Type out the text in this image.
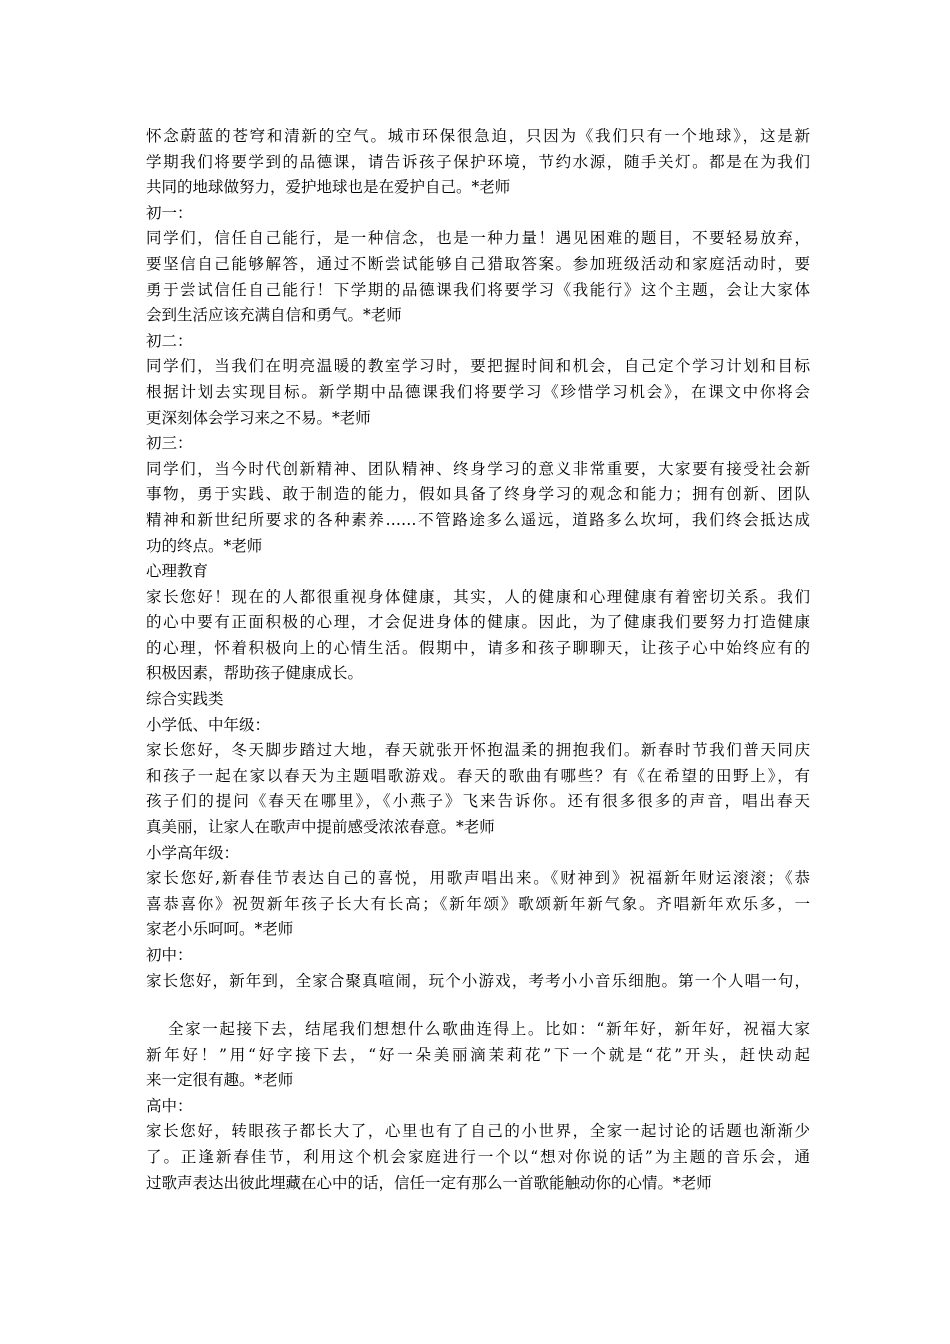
怀念蔚蓝的苍穹和清新的空气。城市环保很急迫，只因为《我们只有一个地球》，这是新
学期我们将要学到的品德课，请告诉孩子保护环境，节约水源，随手关灯。都是在为我们
共同的地球做努力，爱护地球也是在爱护自己。*老师
初一：
同学们，信任自己能行，是一种信念，也是一种力量！遇见困难的题目，不要轻易放弃，
要坚信自己能够解答，通过不断尝试能够自己猎取答案。参加班级活动和家庭活动时，要
勇于尝试信任自己能行！下学期的品德课我们将要学习《我能行》这个主题，会让大家体
会到生活应该充满自信和勇气。*老师
初二：
同学们，当我们在明亮温暖的教室学习时，要把握时间和机会，自己定个学习计划和目标
根据计划去实现目标。新学期中品德课我们将要学习《珍惜学习机会》，在课文中你将会
更深刻体会学习来之不易。*老师
初三：
同学们，当今时代创新精神、团队精神、终身学习的意义非常重要，大家要有接受社会新
事物，勇于实践、敢于制造的能力，假如具备了终身学习的观念和能力；拥有创新、团队
精神和新世纪所要求的各种素养……不管路途多么遥远，道路多么坎坷，我们终会抵达成
功的终点。*老师
心理教育
家长您好！现在的人都很重视身体健康，其实，人的健康和心理健康有着密切关系。我们
的心中要有正面积极的心理，才会促进身体的健康。因此，为了健康我们要努力打造健康
的心理，怀着积极向上的心情生活。假期中，请多和孩子聊聊天，让孩子心中始终应有的
积极因素，帮助孩子健康成长。
综合实践类
小学低、中年级：
家长您好，冬天脚步踏过大地，春天就张开怀抱温柔的拥抱我们。新春时节我们普天同庆
和孩子一起在家以春天为主题唱歌游戏。春天的歌曲有哪些？有《在希望的田野上》，有
孩子们的提问《春天在哪里》，《小燕子》飞来告诉你。还有很多很多的声音，唱出春天
真美丽，让家人在歌声中提前感受浓浓春意。*老师
小学高年级：
家长您好,新春佳节表达自己的喜悦，用歌声唱出来。《财神到》祝福新年财运滚滚；《恭
喜恭喜你》祝贺新年孩子长大有长高；《新年颂》歌颂新年新气象。齐唱新年欢乐多，一
家老小乐呵呵。*老师
初中：
家长您好，新年到，全家合聚真喧闹，玩个小游戏，考考小小音乐细胞。第一个人唱一句，
全家一起接下去，结尾我们想想什么歌曲连得上。比如：“新年好，新年好，祝福大家
新年好！”用“好字接下去，“好一朵美丽滴茉莉花”下一个就是“花”开头，赶快动起
来一定很有趣。*老师
高中：
家长您好，转眼孩子都长大了，心里也有了自己的小世界，全家一起讨论的话题也渐渐少
了。正逢新春佳节，利用这个机会家庭进行一个以“想对你说的话”为主题的音乐会，通
过歌声表达出彼此埋藏在心中的话，信任一定有那么一首歌能触动你的心情。*老师
